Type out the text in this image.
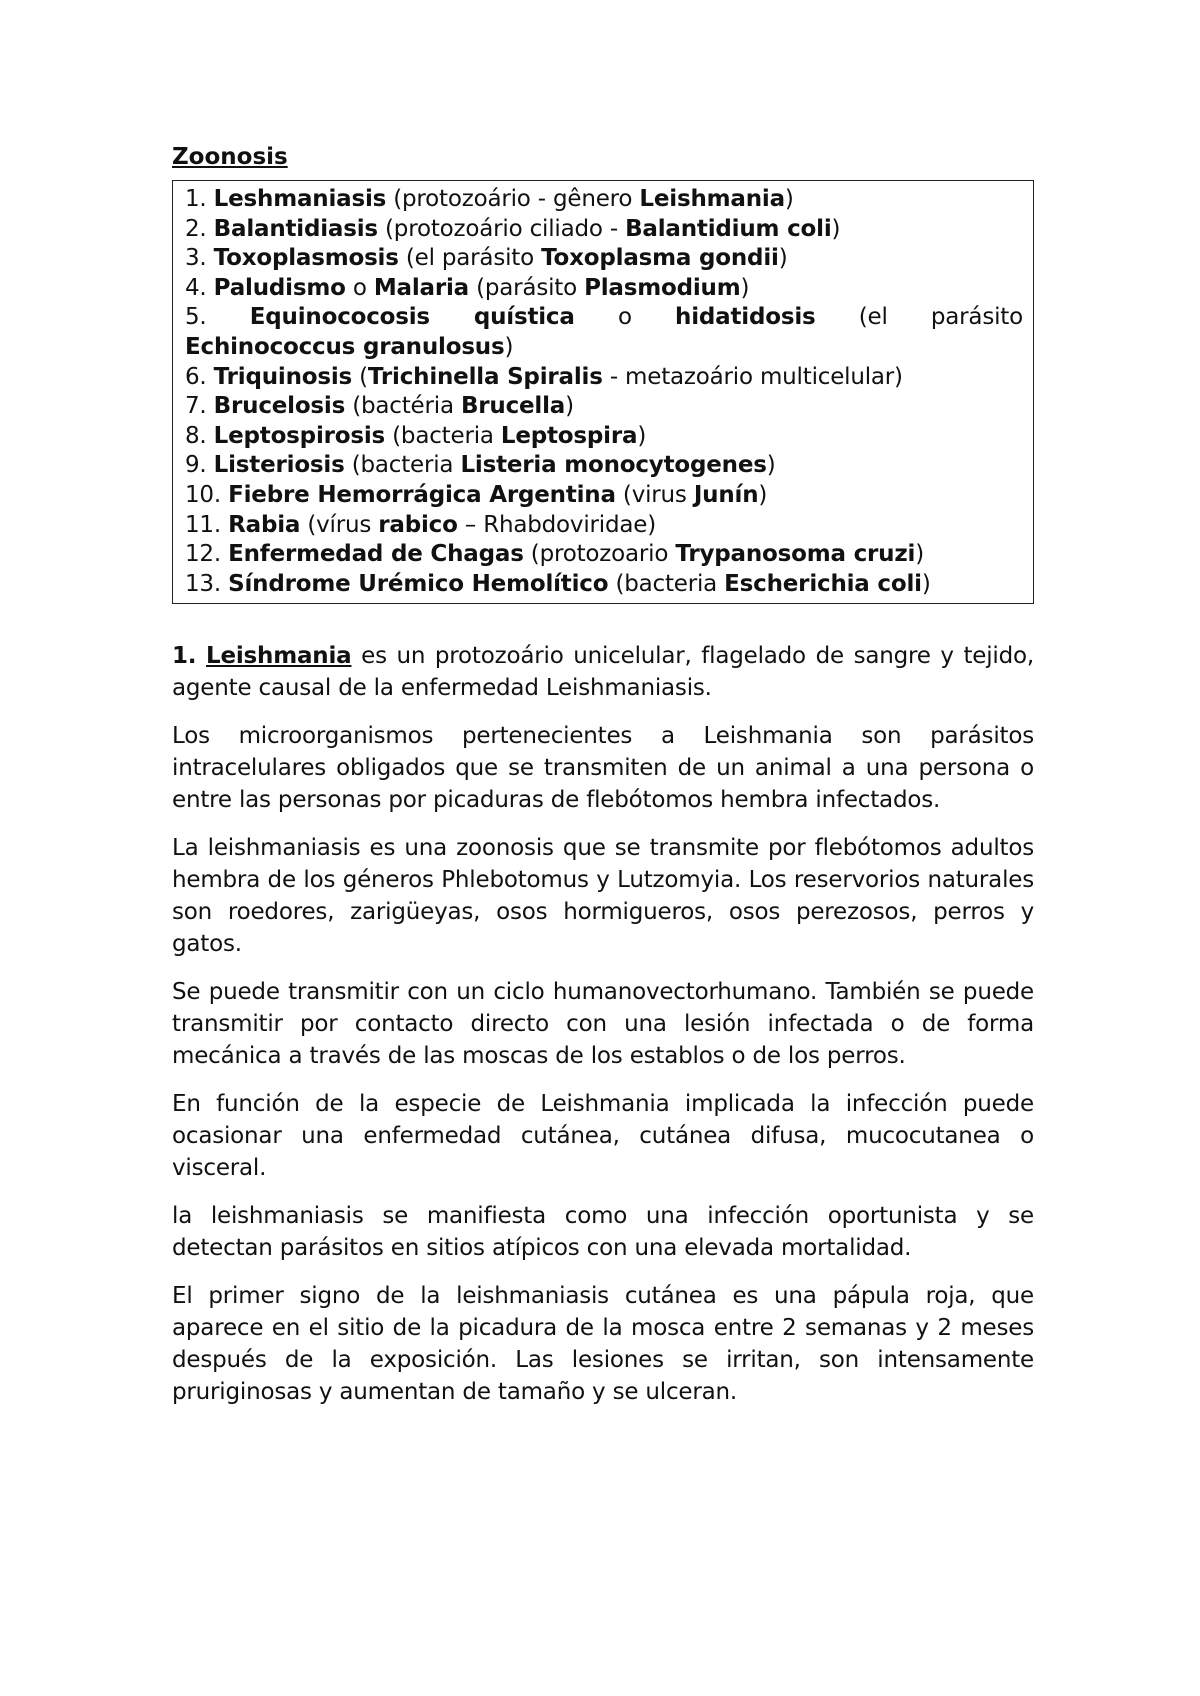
Zoonosis
1. Leshmaniasis (protozoário - gênero Leishmania)
2. Balantidiasis (protozoário ciliado - Balantidium coli)
3. Toxoplasmosis (el parásito Toxoplasma gondii)
4. Paludismo o Malaria (parásito Plasmodium)
5. Equinococosis quística o hidatidosis (el parásito
Echinococcus granulosus)
6. Triquinosis (Trichinella Spiralis - metazoário multicelular)
7. Brucelosis (bactéria Brucella)
8. Leptospirosis (bacteria Leptospira)
9. Listeriosis (bacteria Listeria monocytogenes)
10. Fiebre Hemorrágica Argentina (virus Junín)
11. Rabia (vírus rabico – Rhabdoviridae)
12. Enfermedad de Chagas (protozoario Trypanosoma cruzi)
13. Síndrome Urémico Hemolítico (bacteria Escherichia coli)

1. Leishmania es un protozoário unicelular, flagelado de sangre y tejido, agente causal de la enfermedad Leishmaniasis.

Los microorganismos pertenecientes a Leishmania son parásitos intracelulares obligados que se transmiten de un animal a una persona o entre las personas por picaduras de flebótomos hembra infectados.

La leishmaniasis es una zoonosis que se transmite por flebótomos adultos hembra de los géneros Phlebotomus y Lutzomyia. Los reservorios naturales son roedores, zarigüeyas, osos hormigueros, osos perezosos, perros y gatos.

Se puede transmitir con un ciclo humanovectorhumano. También se puede transmitir por contacto directo con una lesión infectada o de forma mecánica a través de las moscas de los establos o de los perros.

En función de la especie de Leishmania implicada la infección puede ocasionar una enfermedad cutánea, cutánea difusa, mucocutanea o visceral.

la leishmaniasis se manifiesta como una infección oportunista y se detectan parásitos en sitios atípicos con una elevada mortalidad.

El primer signo de la leishmaniasis cutánea es una pápula roja, que aparece en el sitio de la picadura de la mosca entre 2 semanas y 2 meses después de la exposición. Las lesiones se irritan, son intensamente pruriginosas y aumentan de tamaño y se ulceran.
